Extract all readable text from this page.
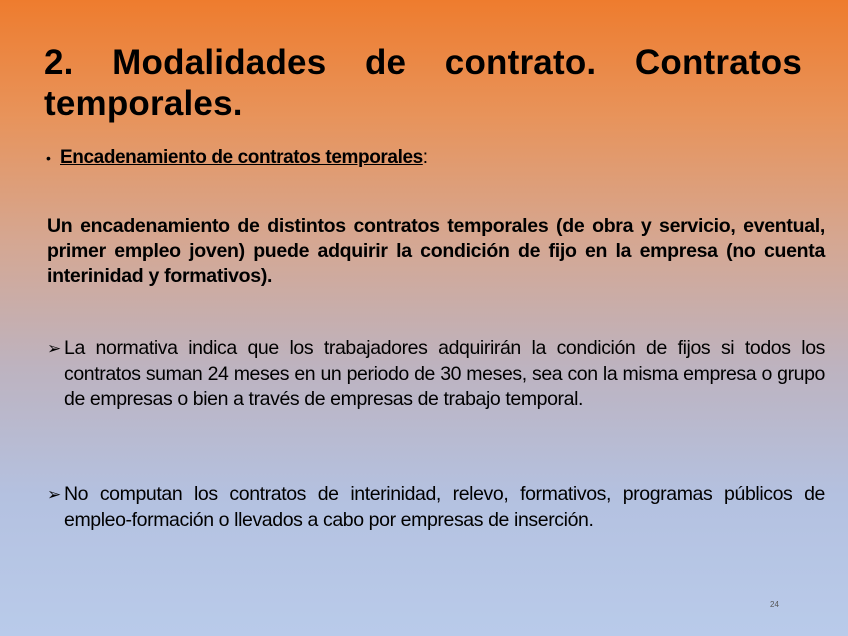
2. Modalidades de contrato. Contratos temporales.
• Encadenamiento de contratos temporales:

Un encadenamiento de distintos contratos temporales (de obra y servicio, eventual, primer empleo joven) puede adquirir la condición de fijo en la empresa (no cuenta interinidad y formativos).

➢ La normativa indica que los trabajadores adquirirán la condición de fijos si todos los contratos suman 24 meses en un periodo de 30 meses, sea con la misma empresa o grupo de empresas o bien a través de empresas de trabajo temporal.
➢ No computan los contratos de interinidad, relevo, formativos, programas públicos de empleo-formación o llevados a cabo por empresas de inserción.
24
